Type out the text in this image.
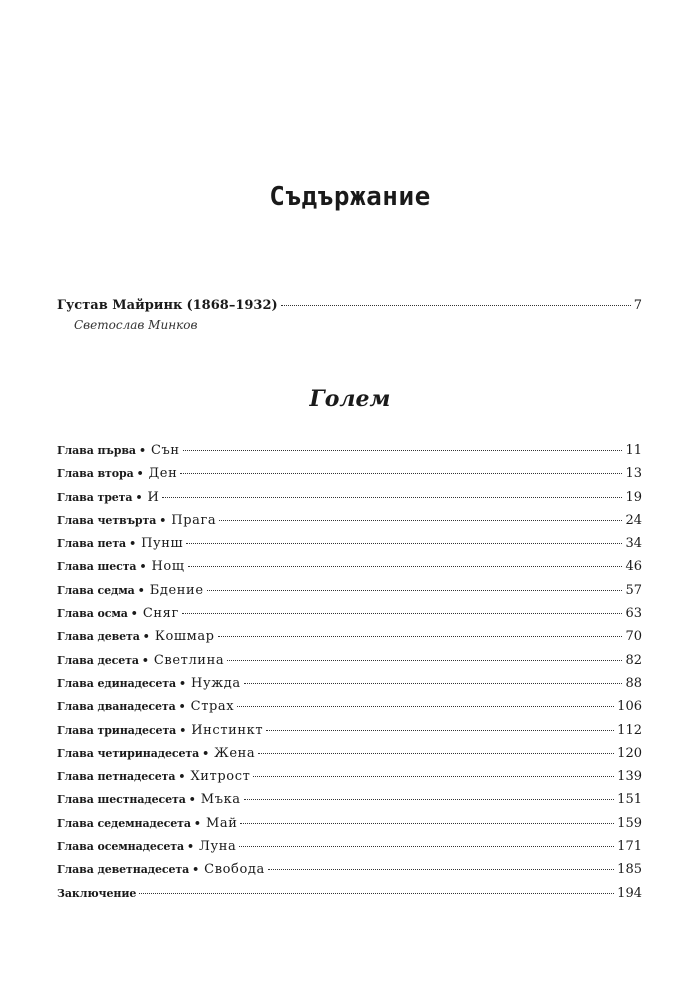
Съдържание
Густав Майринк (1868–1932)	7
Светослав Минков
Голем
Глава първа • Сън	11
Глава втора • Ден	13
Глава трета • И	19
Глава четвърта • Прага	24
Глава пета • Пунш	34
Глава шеста • Нощ	46
Глава седма • Бдение	57
Глава осма • Сняг	63
Глава девета • Кошмар	70
Глава десета • Светлина	82
Глава единадесета • Нужда	88
Глава дванадесета • Страх	106
Глава тринадесета • Инстинкт	112
Глава четиринадесета • Жена	120
Глава петнадесета • Хитрост	139
Глава шестнадесета • Мъка	151
Глава седемнадесета • Май	159
Глава осемнадесета • Луна	171
Глава деветнадесета • Свобода	185
Заключение	194
